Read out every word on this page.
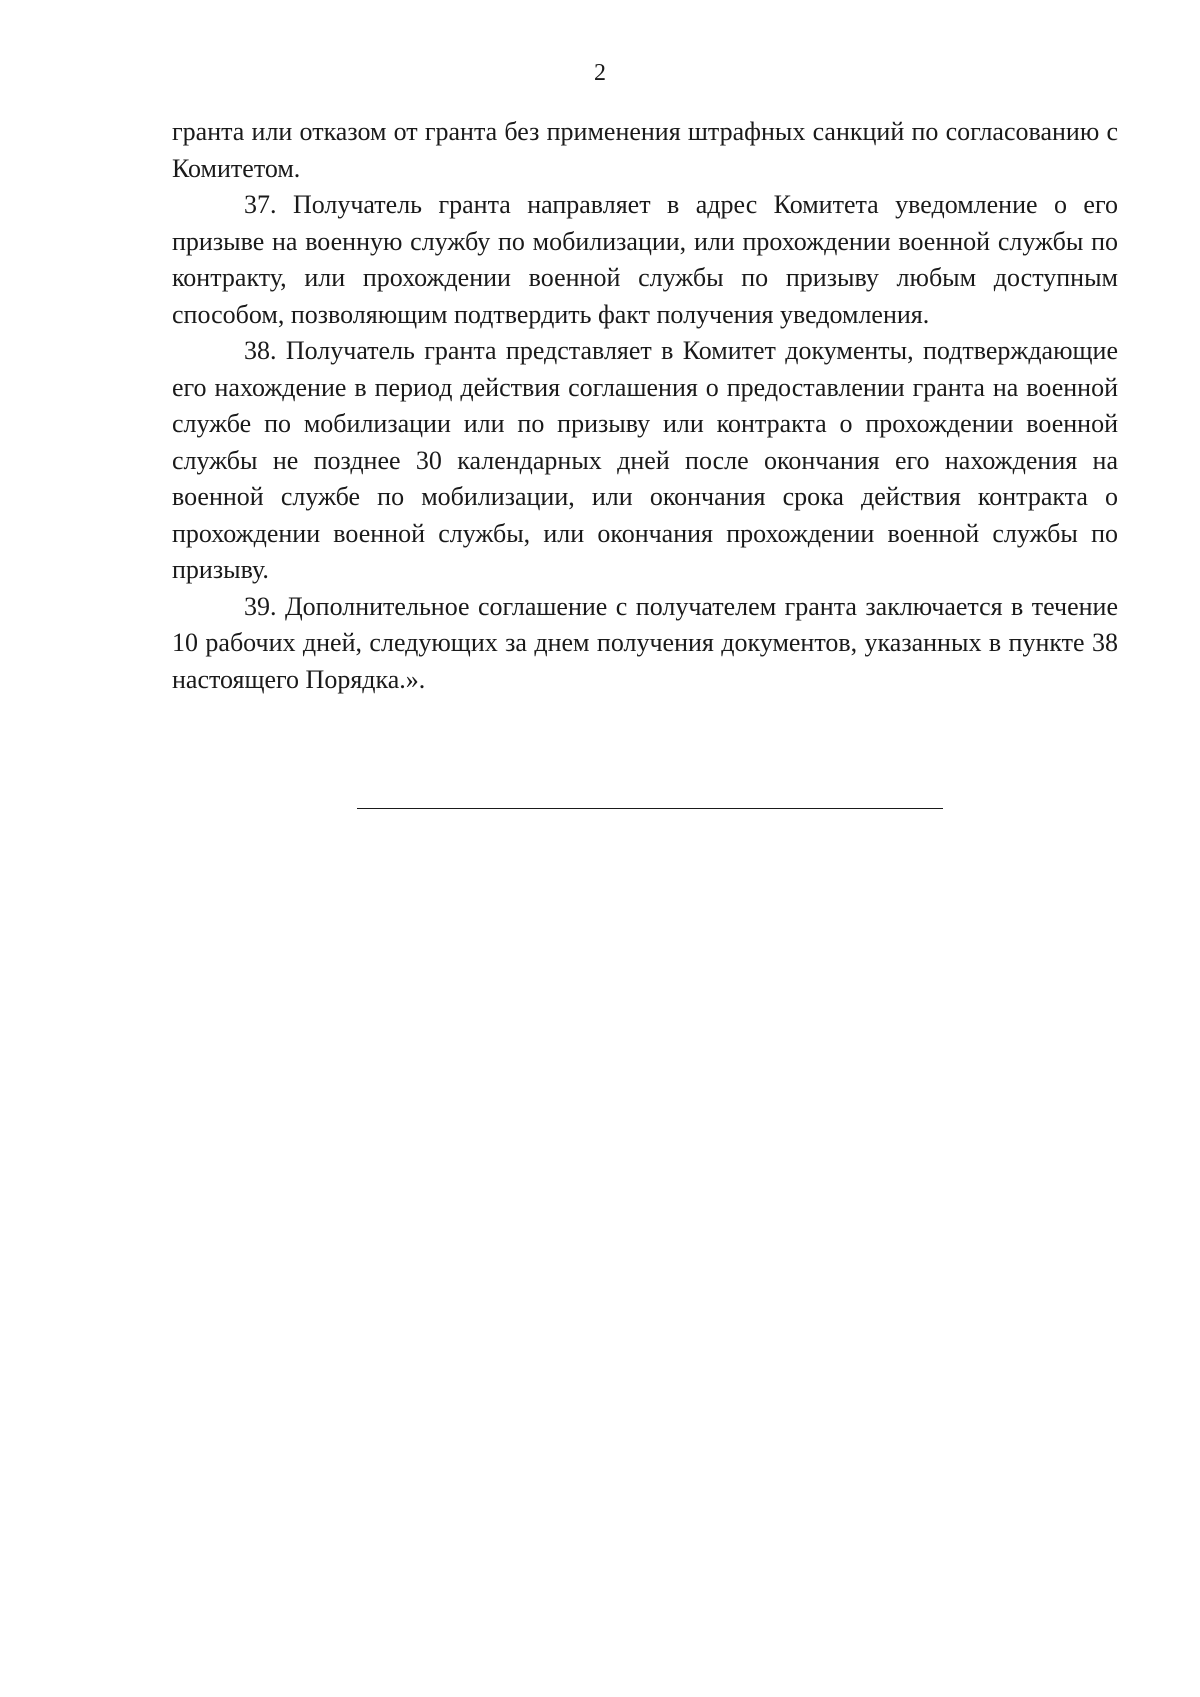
2

гранта или отказом от гранта без применения штрафных санкций по согласованию с Комитетом.

37. Получатель гранта направляет в адрес Комитета уведомление о его призыве на военную службу по мобилизации, или прохождении военной службы по контракту, или прохождении военной службы по призыву любым доступным способом, позволяющим подтвердить факт получения уведомления.

38. Получатель гранта представляет в Комитет документы, подтверждающие его нахождение в период действия соглашения о предоставлении гранта на военной службе по мобилизации или по призыву или контракта о прохождении военной службы не позднее 30 календарных дней после окончания его нахождения на военной службе по мобилизации, или окончания срока действия контракта о прохождении военной службы, или окончания прохождении военной службы по призыву.

39. Дополнительное соглашение с получателем гранта заключается в течение 10 рабочих дней, следующих за днем получения документов, указанных в пункте 38 настоящего Порядка.».
